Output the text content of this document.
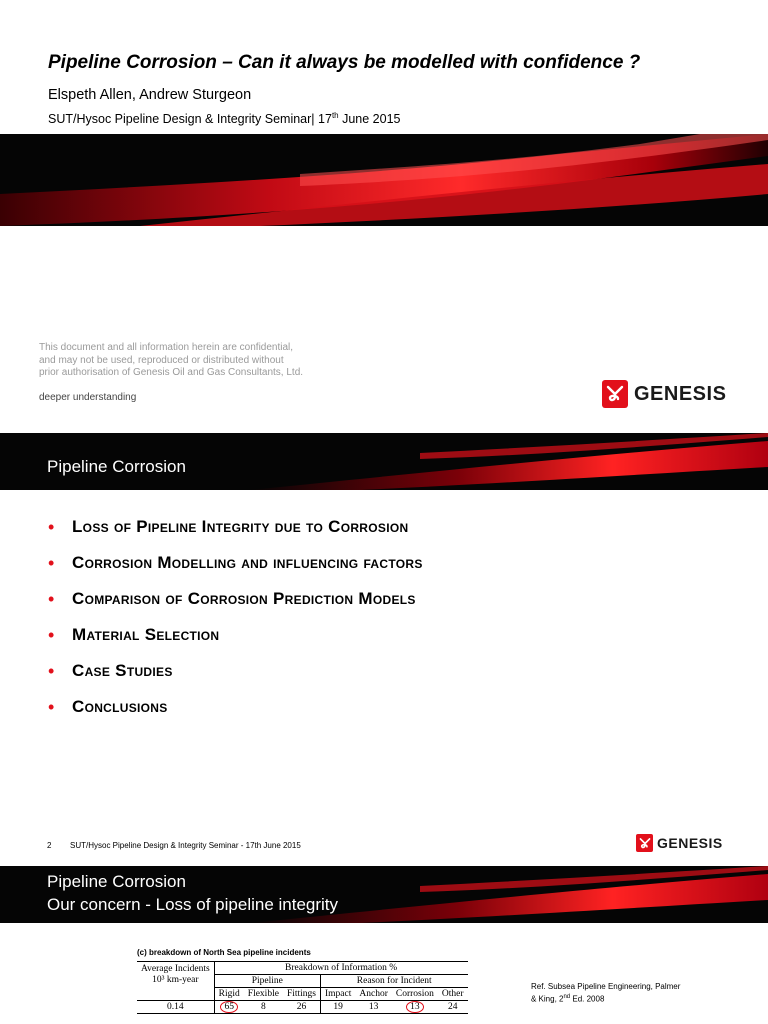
Pipeline Corrosion – Can it always be modelled with confidence ?
Elspeth Allen, Andrew Sturgeon
SUT/Hysoc Pipeline Design & Integrity Seminar| 17th June 2015
This document and all information herein are confidential,
and may not be used, reproduced or distributed without
prior authorisation of Genesis Oil and Gas Consultants, Ltd.
deeper understanding	GENESIS
Pipeline Corrosion
•	Loss of Pipeline Integrity due to Corrosion
•	Corrosion Modelling and influencing factors
•	Comparison of Corrosion Prediction Models
•	Material Selection
•	Case Studies
•	Conclusions
2 SUT/Hysoc Pipeline Design & Integrity Seminar - 17th June 2015	GENESIS
Pipeline Corrosion
Our concern - Loss of pipeline integrity
(c) breakdown of North Sea pipeline incidents
Average Incidents
10³ km-year	Breakdown of Information %						
	Pipeline			Reason for Incident			
	Rigid	Flexible	Fittings	Impact	Anchor	Corrosion	Other
0.14	65	8	26	19	13	13	24
Ref. Subsea Pipeline Engineering, Palmer
& King, 2nd Ed. 2008
